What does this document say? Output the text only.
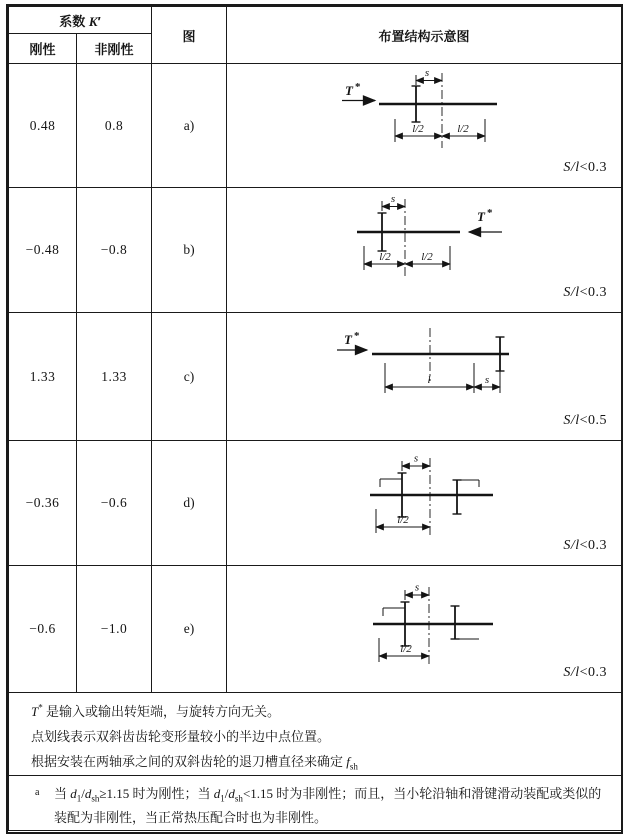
系数 K′		图	布置结构示意图
刚性	非刚性		
0.48	0.8	a)	
T *
s
l/2	l/2
S/l<0.3

−0.48	−0.8	b)	
s
T *
l/2	l/2
S/l<0.3

1.33	1.33	c)	T *
l s
S/l<0.5

−0.36	−0.6	d)	s
l/2
S/l<0.3

−0.6	−1.0	e)	s
l/2
S/l<0.3

T* 是输入或输出转矩端，与旋转方向无关。
点划线表示双斜齿齿轮变形量较小的半边中点位置。
根据安装在两轴承之间的双斜齿轮的退刀槽直径来确定 $f_{sh}$

a 当 $d_1/d_{sh}\ge 1.15$ 时为刚性；当 $d_1/d_{sh}<1.15$ 时为非刚性；而且，当小轮沿轴和滑键滑动装配或类似的装配为非刚性，当正常热压配合时也为非刚性。			
